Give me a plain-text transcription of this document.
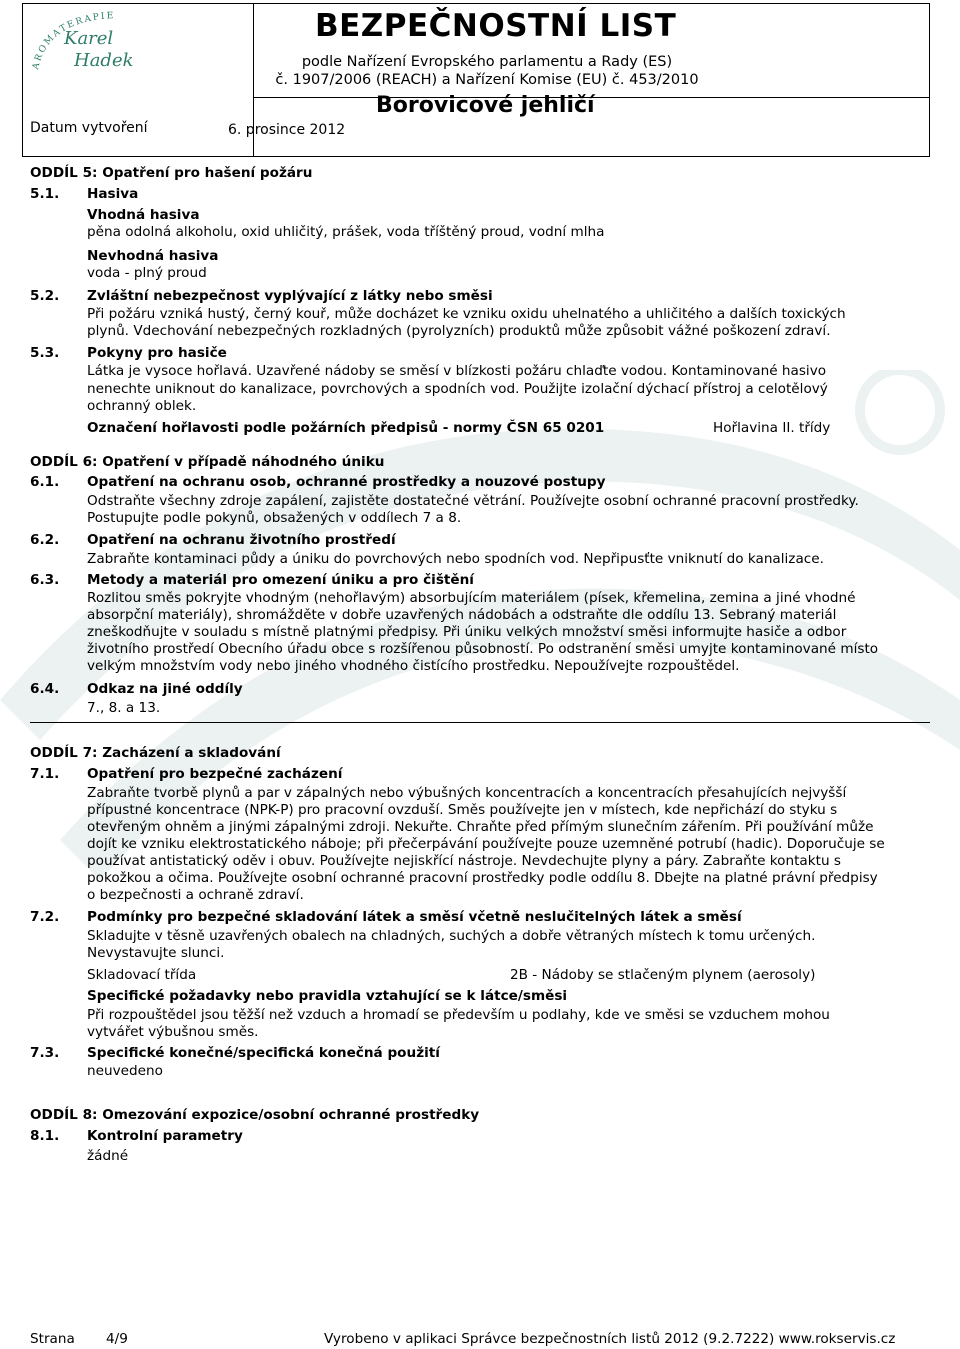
AROMATERAPIE
Karel
Hadek
BEZPEČNOSTNÍ LIST
podle Nařízení Evropského parlamentu a Rady (ES)
č. 1907/2006 (REACH) a Nařízení Komise (EU) č. 453/2010
Borovicové jehličí
Datum vytvoření	6. prosince 2012
ODDÍL 5: Opatření pro hašení požáru
5.1. Hasiva
Vhodná hasiva
pěna odolná alkoholu, oxid uhličitý, prášek, voda tříštěný proud, vodní mlha
Nevhodná hasiva
voda - plný proud
5.2. Zvláštní nebezpečnost vyplývající z látky nebo směsi
Při požáru vzniká hustý, černý kouř, může docházet ke vzniku oxidu uhelnatého a uhličitého a dalších toxických
plynů. Vdechování nebezpečných rozkladných (pyrolyzních) produktů může způsobit vážné poškození zdraví.
5.3. Pokyny pro hasiče
Látka je vysoce hořlavá. Uzavřené nádoby se směsí v blízkosti požáru chlaďte vodou. Kontaminované hasivo
nenechte uniknout do kanalizace, povrchových a spodních vod. Použijte izolační dýchací přístroj a celotělový
ochranný oblek.
Označení hořlavosti podle požárních předpisů - normy ČSN 65 0201	Hořlavina II. třídy
ODDÍL 6: Opatření v případě náhodného úniku
6.1. Opatření na ochranu osob, ochranné prostředky a nouzové postupy
Odstraňte všechny zdroje zapálení, zajistěte dostatečné větrání. Používejte osobní ochranné pracovní prostředky.
Postupujte podle pokynů, obsažených v oddílech 7 a 8.
6.2. Opatření na ochranu životního prostředí
Zabraňte kontaminaci půdy a úniku do povrchových nebo spodních vod. Nepřipusťte vniknutí do kanalizace.
6.3. Metody a materiál pro omezení úniku a pro čištění
Rozlitou směs pokryjte vhodným (nehořlavým) absorbujícím materiálem (písek, křemelina, zemina a jiné vhodné
absorpční materiály), shromážděte v dobře uzavřených nádobách a odstraňte dle oddílu 13. Sebraný materiál
zneškodňujte v souladu s místně platnými předpisy. Při úniku velkých množství směsi informujte hasiče a odbor
životního prostředí Obecního úřadu obce s rozšířenou působností. Po odstranění směsi umyjte kontaminované místo
velkým množstvím vody nebo jiného vhodného čistícího prostředku. Nepoužívejte rozpouštědel.
6.4. Odkaz na jiné oddíly
7., 8. a 13.
ODDÍL 7: Zacházení a skladování
7.1. Opatření pro bezpečné zacházení
Zabraňte tvorbě plynů a par v zápalných nebo výbušných koncentracích a koncentracích přesahujících nejvyšší
přípustné koncentrace (NPK-P) pro pracovní ovzduší. Směs používejte jen v místech, kde nepřichází do styku s
otevřeným ohněm a jinými zápalnými zdroji. Nekuřte. Chraňte před přímým slunečním zářením. Při používání může
dojít ke vzniku elektrostatického náboje; při přečerpávání používejte pouze uzemněné potrubí (hadic). Doporučuje se
používat antistatický oděv i obuv. Používejte nejiskřící nástroje. Nevdechujte plyny a páry. Zabraňte kontaktu s
pokožkou a očima. Používejte osobní ochranné pracovní prostředky podle oddílu 8. Dbejte na platné právní předpisy
o bezpečnosti a ochraně zdraví.
7.2. Podmínky pro bezpečné skladování látek a směsí včetně neslučitelných látek a směsí
Skladujte v těsně uzavřených obalech na chladných, suchých a dobře větraných místech k tomu určených.
Nevystavujte slunci.
Skladovací třída	2B - Nádoby se stlačeným plynem (aerosoly)
Specifické požadavky nebo pravidla vztahující se k látce/směsi
Při rozpouštědel jsou těžší než vzduch a hromadí se především u podlahy, kde ve směsi se vzduchem mohou
vytvářet výbušnou směs.
7.3. Specifické konečné/specifická konečná použití
neuvedeno
ODDÍL 8: Omezování expozice/osobní ochranné prostředky
8.1. Kontrolní parametry
žádné
Strana 4/9	Vyrobeno v aplikaci Správce bezpečnostních listů 2012 (9.2.7222) www.rokservis.cz
